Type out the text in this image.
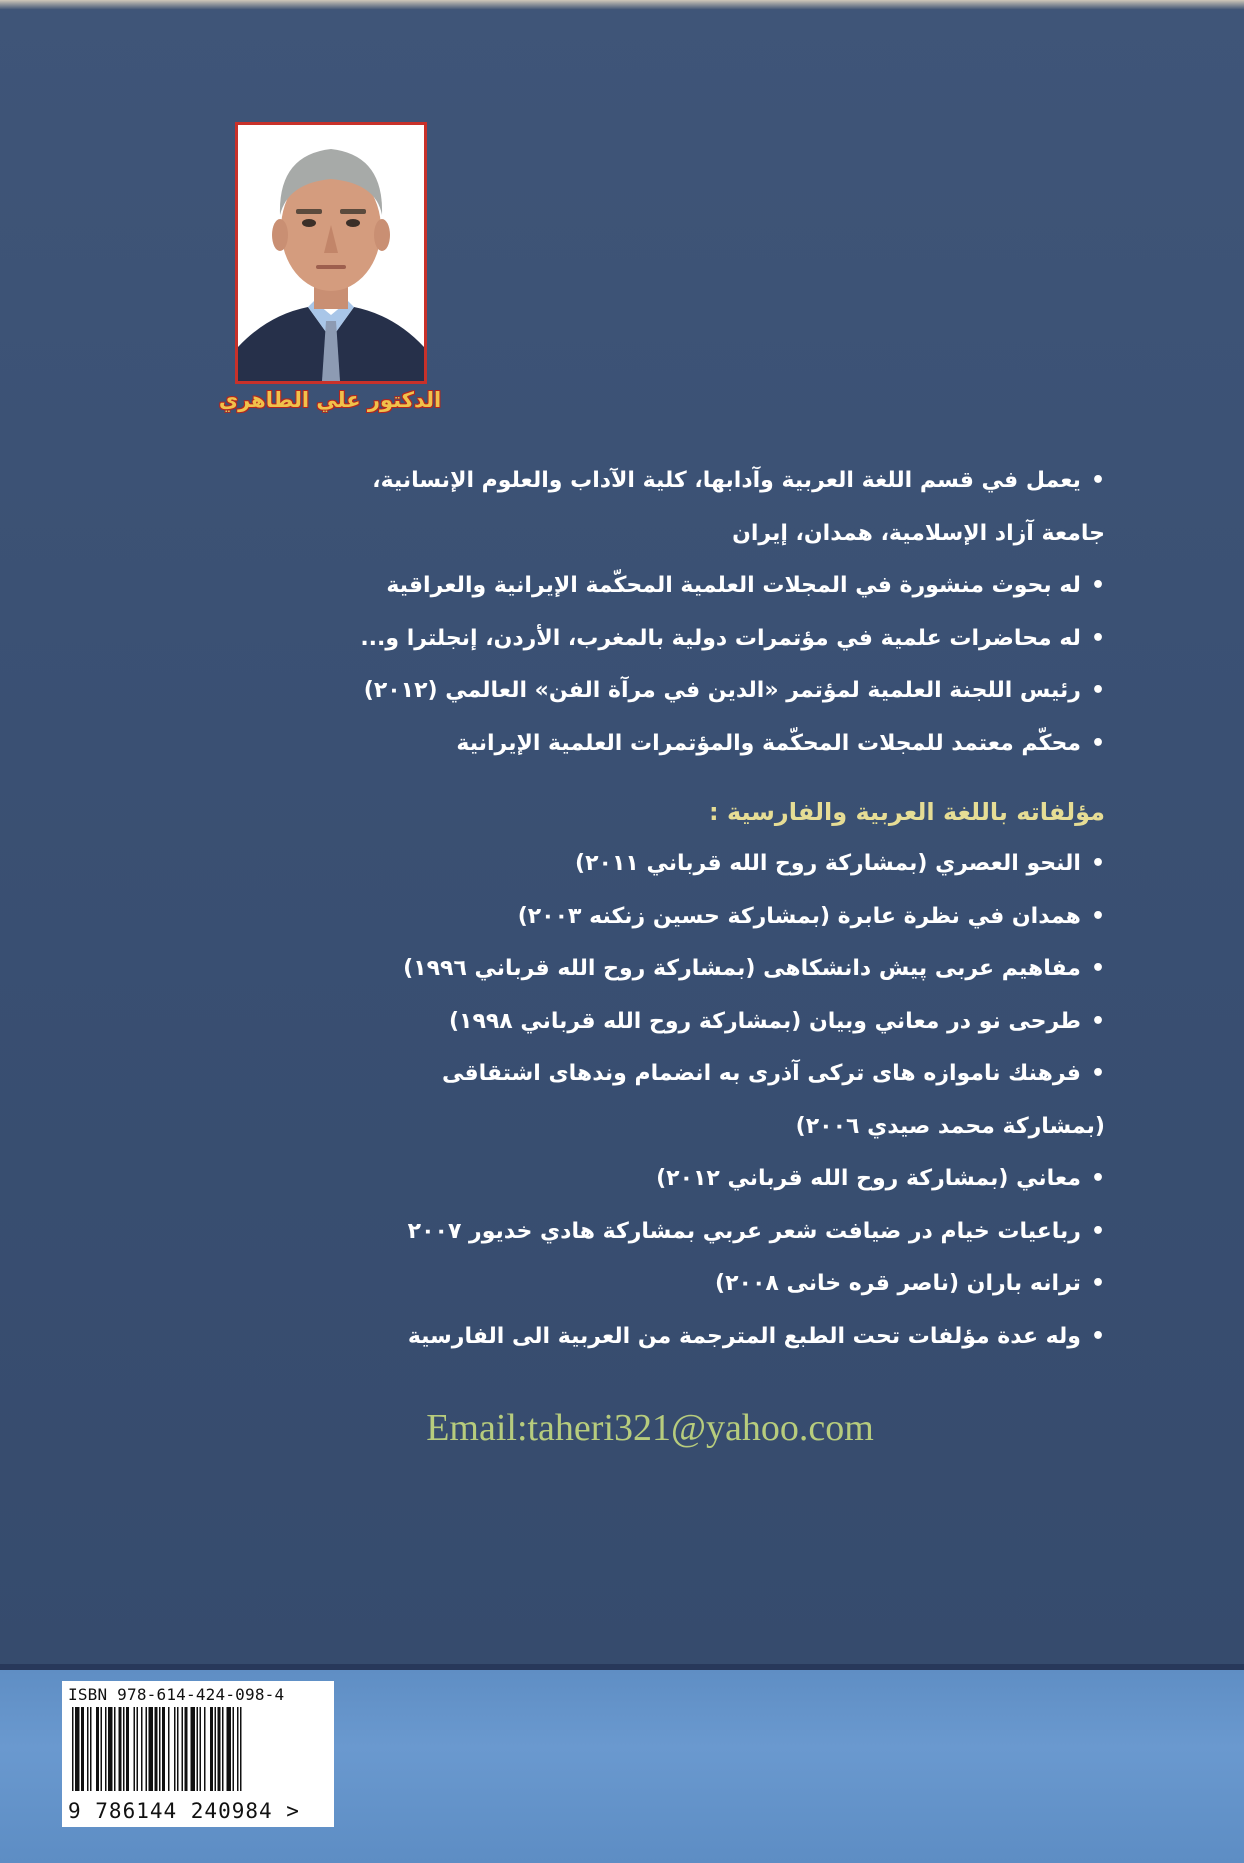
الدكتور علي الطاهري
•يعمل في قسم اللغة العربية وآدابها، كلية الآداب والعلوم الإنسانية،
جامعة آزاد الإسلامية، همدان، إيران
•له بحوث منشورة في المجلات العلمية المحكّمة الإيرانية والعراقية
•له محاضرات علمية في مؤتمرات دولية بالمغرب، الأردن، إنجلترا و...
•رئيس اللجنة العلمية لمؤتمر «الدين في مرآة الفن» العالمي (٢٠١٢)
•محكّم معتمد للمجلات المحكّمة والمؤتمرات العلمية الإيرانية
مؤلفاته باللغة العربية والفارسية :
•النحو العصري (بمشاركة روح الله قرباني ٢٠١١)
•همدان في نظرة عابرة (بمشاركة حسين زنكنه ٢٠٠٣)
•مفاهيم عربى پيش دانشكاهى (بمشاركة روح الله قرباني ١٩٩٦)
•طرحى نو در معاني وبيان (بمشاركة روح الله قرباني ١٩٩٨)
•فرهنك ناموازه هاى تركى آذرى به انضمام وندهاى اشتقاقى
(بمشاركة محمد صيدي ٢٠٠٦)
•معاني (بمشاركة روح الله قرباني ٢٠١٢)
•رباعيات خيام در ضيافت شعر عربي بمشاركة هادي خديور ٢٠٠٧
•ترانه باران (ناصر قره خانى ٢٠٠٨)
•وله عدة مؤلفات تحت الطبع المترجمة من العربية الى الفارسية
Email:taheri321@yahoo.com
ISBN 978-614-424-098-4
9 786144 240984 >
